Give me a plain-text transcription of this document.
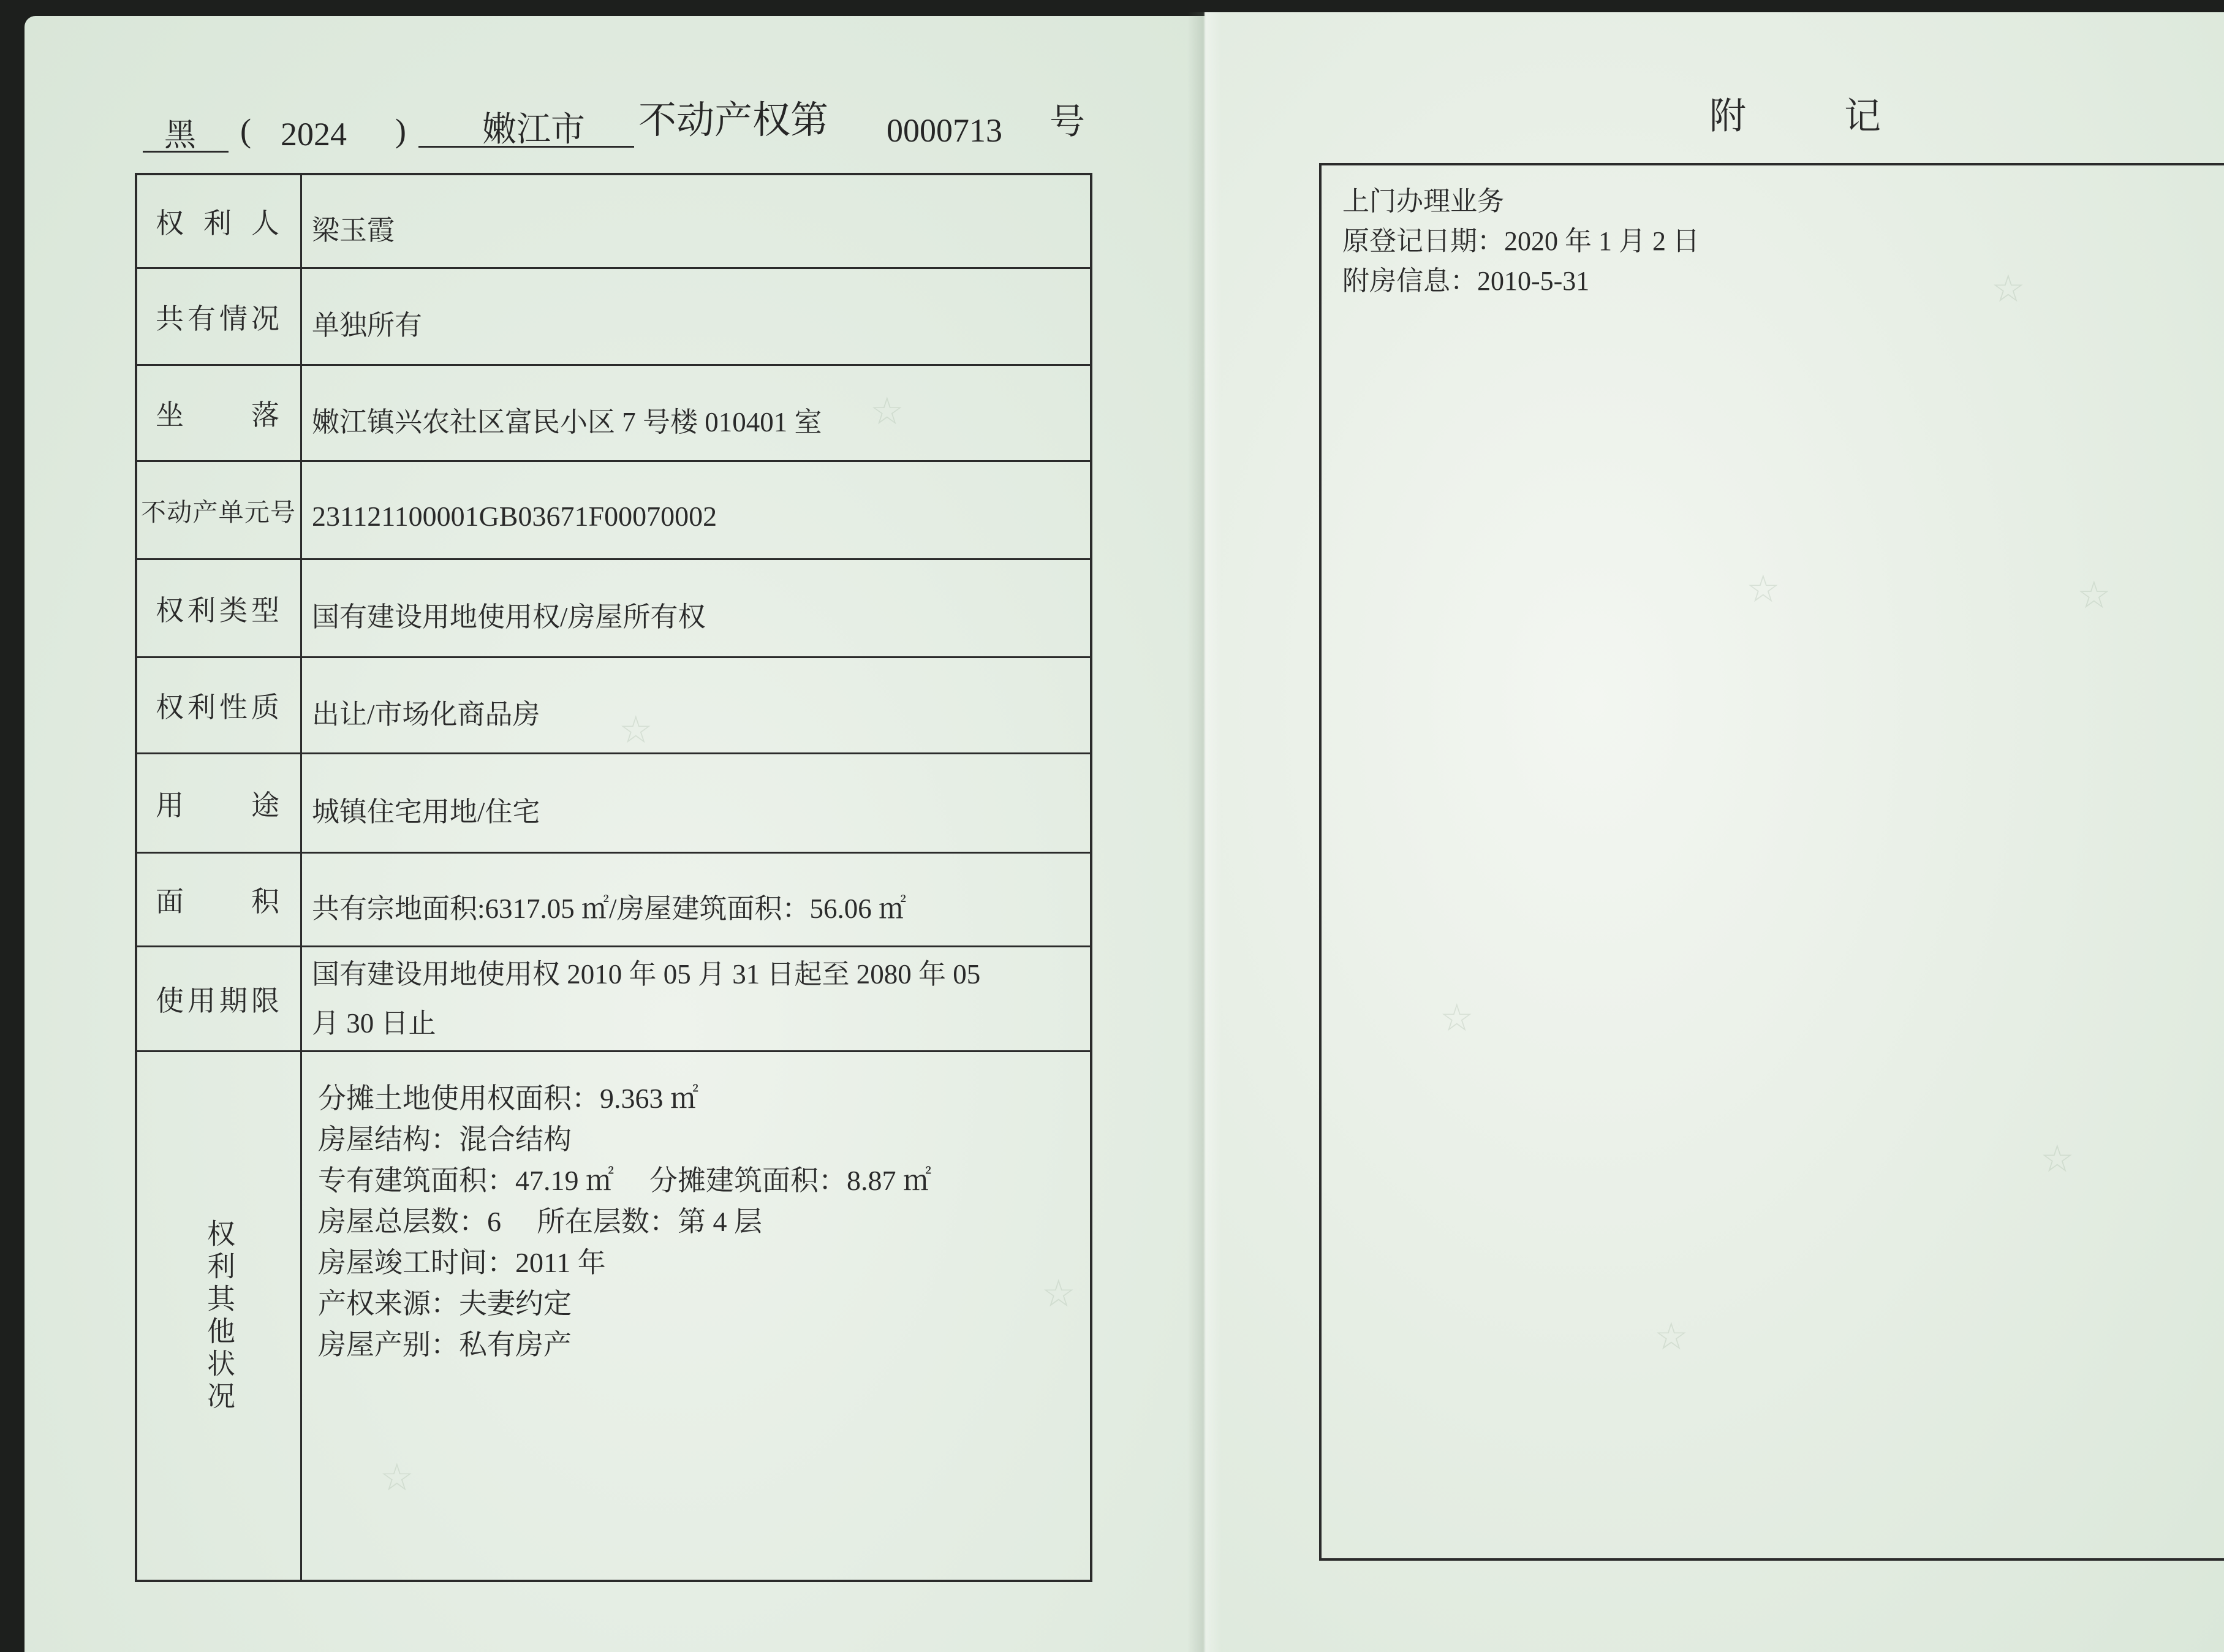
☆
☆
☆
☆
☆
☆
☆
☆
☆
☆
黑 ( 2024 ) 嫩江市 不动产权第 0000713 号
权利人 梁玉霞
共有情况 单独所有
坐落 嫩江镇兴农社区富民小区 7 号楼 010401 室
不动产单元号 231121100001GB03671F00070002
权利类型 国有建设用地使用权/房屋所有权
权利性质 出让/市场化商品房
用途 城镇住宅用地/住宅
面积 共有宗地面积:6317.05 ㎡/房屋建筑面积：56.06 ㎡
使用期限
国有建设用地使用权 2010 年 05 月 31 日起至 2080 年 05
月 30 日止
权利其他状况
分摊土地使用权面积：9.363 ㎡
房屋结构：混合结构
专有建筑面积：47.19 ㎡ 分摊建筑面积：8.87 ㎡
房屋总层数：6 所在层数：第 4 层
房屋竣工时间：2011 年
产权来源：夫妻约定
房屋产别：私有房产
附记
上门办理业务
原登记日期：2020 年 1 月 2 日
附房信息：2010-5-31
